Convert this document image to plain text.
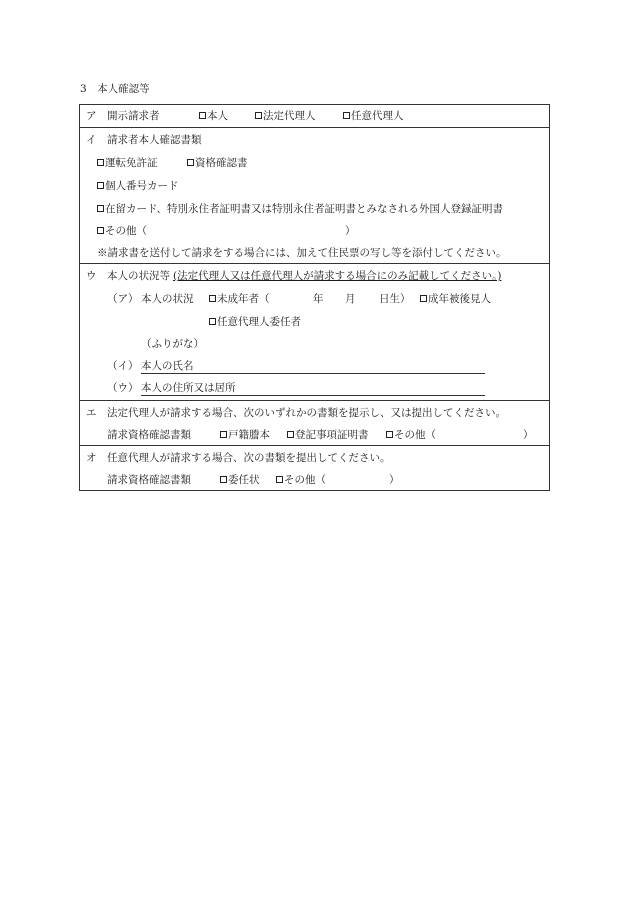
3　本人確認等
ア 開示請求者	本人	法定代理人	任意代理人
イ 請求者本人確認書類
運転免許証	資格確認書
個人番号カード
在留カード、特別永住者証明書又は特別永住者証明書とみなされる外国人登録証明書
その他（	）
※請求書を送付して請求をする場合には、加えて住民票の写し等を添付してください。
ウ 本人の状況等 (法定代理人又は任意代理人が請求する場合にのみ記載してください。)
（ア） 本人の状況	未成年者（	年 月 日生）	成年被後見人
任意代理人委任者
（ふりがな）
（イ） 本人の氏名
（ウ） 本人の住所又は居所
エ 法定代理人が請求する場合、次のいずれかの書類を提示し、又は提出してください。
請求資格確認書類	戸籍謄本	登記事項証明書	その他（	）
オ 任意代理人が請求する場合、次の書類を提出してください。
請求資格確認書類	委任状	その他（	）
